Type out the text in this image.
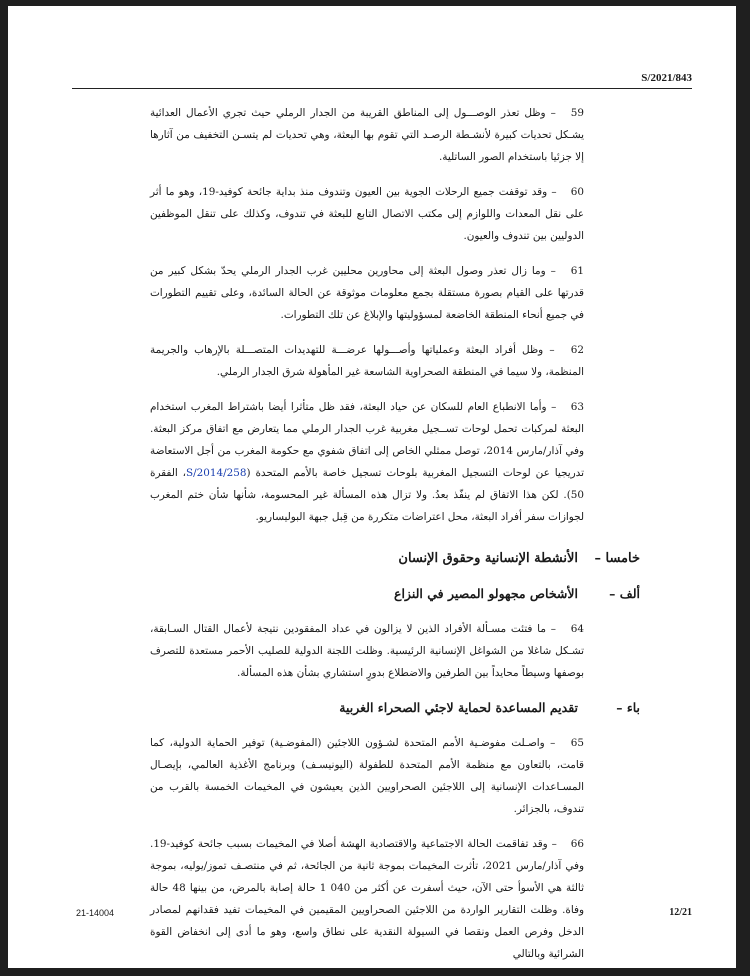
S/2021/843

59 – وظل تعذر الوصـــول إلى المناطق القريبة من الجدار الرملي حيث تجري الأعمال العدائية يشـكل تحديات كبيرة لأنشـطة الرصـد التي تقوم بها البعثة، وهي تحديات لم يتسـن التخفيف من آثارها إلا جزئيا باستخدام الصور الساتلية.

60 – وقد توقفت جميع الرحلات الجوية بين العيون وتندوف منذ بداية جائحة كوفيد-19، وهو ما أثر على نقل المعدات واللوازم إلى مكتب الاتصال التابع للبعثة في تندوف، وكذلك على تنقل الموظفين الدوليين بين تندوف والعيون.

61 – وما زال تعذر وصول البعثة إلى محاورين محليين غرب الجدار الرملي يحدّ بشكل كبير من قدرتها على القيام بصورة مستقلة بجمع معلومات موثوقة عن الحالة السائدة، وعلى تقييم التطورات في جميع أنحاء المنطقة الخاضعة لمسؤوليتها والإبلاغ عن تلك التطورات.

62 – وظل أفراد البعثة وعملياتها وأصـــولها عرضـــة للتهديدات المتصـــلة بالإرهاب والجريمة المنظمة، ولا سيما في المنطقة الصحراوية الشاسعة غير المأهولة شرق الجدار الرملي.

63 – وأما الانطباع العام للسكان عن حياد البعثة، فقد ظل متأثرا أيضا باشتراط المغرب استخدام البعثة لمركبات تحمل لوحات تســجيل مغربية غرب الجدار الرملي مما يتعارض مع اتفاق مركز البعثة. وفي آذار/مارس 2014، توصل ممثلي الخاص إلى اتفاق شفوي مع حكومة المغرب من أجل الاستعاضة تدريجيا عن لوحات التسجيل المغربية بلوحات تسجيل خاصة بالأمم المتحدة (S/2014/258، الفقرة 50). لكن هذا الاتفاق لم ينفّذ بعدُ. ولا تزال هذه المسألة غير المحسومة، شأنها شأن ختم المغرب لجوازات سفر أفراد البعثة، محل اعتراضات متكررة من قِبل جبهة البوليساريو.

خامسا –
الأنشطة الإنسانية وحقوق الإنسان
ألف –
الأشخاص مجهولو المصير في النزاع

64 – ما فتئت مسـألة الأفراد الذين لا يزالون في عداد المفقودين نتيجة لأعمال القتال السـابقة، تشـكل شاغلا من الشواغل الإنسانية الرئيسية. وظلت اللجنة الدولية للصليب الأحمر مستعدة للتصرف بوصفها وسيطاً محايداً بين الطرفين والاضطلاع بدورٍ استشاري بشأن هذه المسألة.

باء –
تقديم المساعدة لحماية لاجئي الصحراء الغربية

65 – واصـلت مفوضـية الأمم المتحدة لشـؤون اللاجئين (المفوضـية) توفير الحماية الدولية، كما قامت، بالتعاون مع منظمة الأمم المتحدة للطفولة (اليونيسـف) وبرنامج الأغذية العالمي، بإيصـال المسـاعدات الإنسانية إلى اللاجئين الصحراويين الذين يعيشون في المخيمات الخمسة بالقرب من تندوف، بالجزائر.

66 – وقد تفاقمت الحالة الاجتماعية والاقتصادية الهشة أصلا في المخيمات بسبب جائحة كوفيد-19. وفي آذار/مارس 2021، تأثرت المخيمات بموجة ثانية من الجائحة، ثم في منتصـف تموز/يوليه، بموجة ثالثة هي الأسوأ حتى الآن، حيث أسفرت عن أكثر من 040 1 حالة إصابة بالمرض، من بينها 48 حالة وفاة. وظلت التقارير الواردة من اللاجئين الصحراويين المقيمين في المخيمات تفيد فقدانهم لمصادر الدخل وفرص العمل ونقصا في السيولة النقدية على نطاق واسع، وهو ما أدى إلى انخفاض القوة الشرائية وبالتالي

21-14004	12/21
